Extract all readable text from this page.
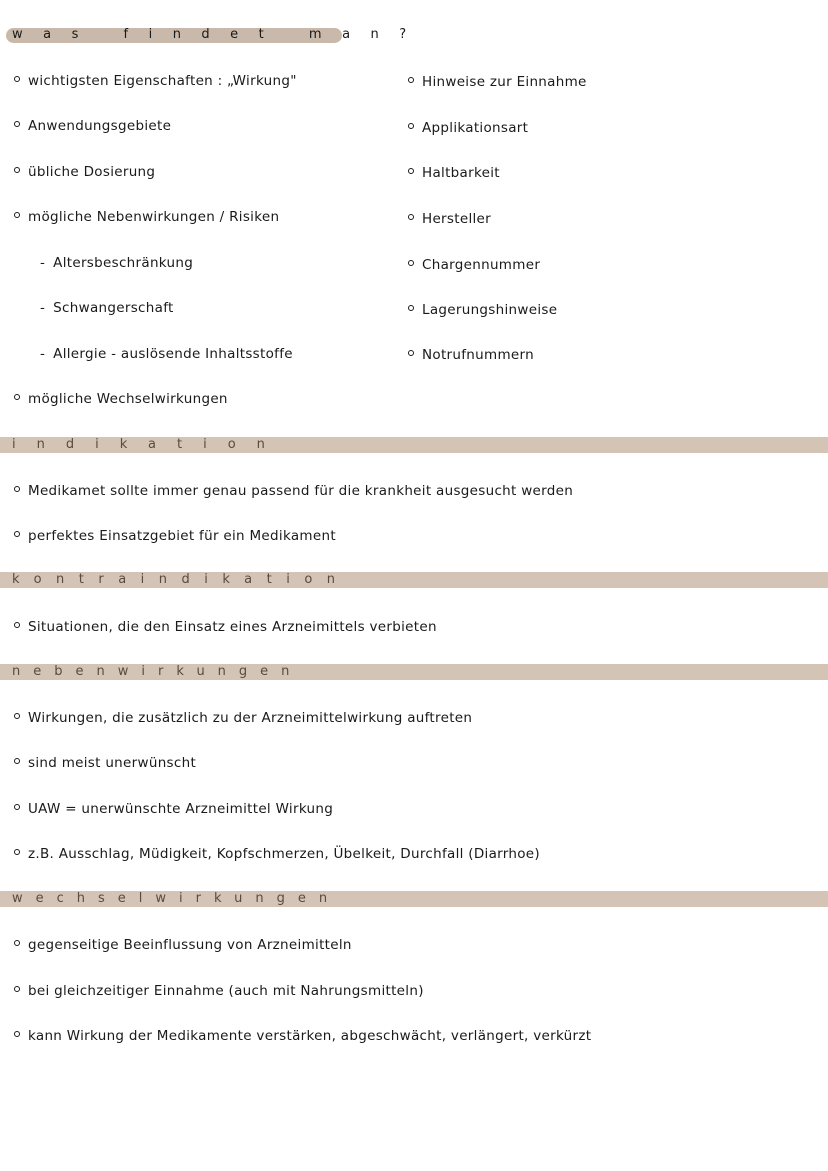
was findet man?
wichtigsten Eigenschaften : „Wirkung"
Anwendungsgebiete
übliche Dosierung
mögliche Nebenwirkungen / Risiken
- Altersbeschränkung
- Schwangerschaft
- Allergie - auslösende Inhaltsstoffe
mögliche Wechselwirkungen
Hinweise zur Einnahme
Applikationsart
Haltbarkeit
Hersteller
Chargennummer
Lagerungshinweise
Notrufnummern
indikation
Medikamet sollte immer genau passend für die krankheit ausgesucht werden
perfektes Einsatzgebiet für ein Medikament
kontraindikation
Situationen, die den Einsatz eines Arzneimittels verbieten
nebenwirkungen
Wirkungen, die zusätzlich zu der Arzneimittelwirkung auftreten
sind meist unerwünscht
UAW = unerwünschte Arzneimittel Wirkung
z.B. Ausschlag, Müdigkeit, Kopfschmerzen, Übelkeit, Durchfall (Diarrhoe)
wechselwirkungen
gegenseitige Beeinflussung von Arzneimitteln
bei gleichzeitiger Einnahme (auch mit Nahrungsmitteln)
kann Wirkung der Medikamente verstärken, abgeschwächt, verlängert, verkürzt
